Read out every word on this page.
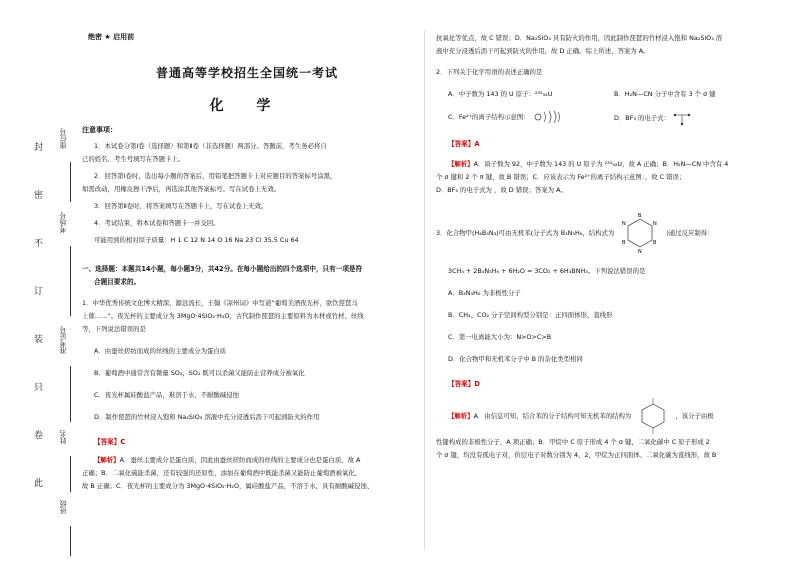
封
密
不
订
装
只
卷
此
座位号
考场号
准考证号
姓名
班级
绝密 ★ 启用前
普通高等学校招生全国统一考试
化 学
注意事项：

1．本试卷分第Ⅰ卷（选择题）和第Ⅱ卷（非选择题）两部分。答题前，考生务必将自

己的姓名、考生号填写在答题卡上。

2．回答第Ⅰ卷时，选出每小题的答案后，用铅笔把答题卡上对应题目的答案标号涂黑，

如需改动，用橡皮擦干净后，再选涂其他答案标号。写在试卷上无效。

3．回答第Ⅱ卷时，将答案填写在答题卡上，写在试卷上无效。

4．考试结束，将本试卷和答题卡一并交回。

可能用到的相对原子质量：H 1 C 12 N 14 O 16 Na 23 Cl 35.5 Cu 64

一、选择题：本题共14小题，每小题3分，共42分。在每小题给出的四个选项中，只有一项是符

合题目要求的。

1．中华优秀传统文化博大精深、源远流长，王翰《凉州词》中写道“葡萄美酒夜光杯，欲饮琵琶马

上催……”。夜光杯的主要成分为 3MgO·4SiO₂·H₂O，古代制作琵琶的主要原料为木材或竹材、丝线

等，下列说法错误的是

A．由蚕丝搓纺而成的丝线的主要成分为蛋白质

B．葡萄酒中通常含有微量 SO₂，SO₂ 既可以杀菌又能防止营养成分被氧化

C．夜光杯属硅酸盐产品，难溶于水，不耐酸碱侵蚀

D．制作琵琶的竹材浸入饱和 Na₂SiO₃ 溶液中充分浸透后沥干可起到防火的作用

【答案】C

【解析】A．蚕丝主要成分是蛋白质，因此由蚕丝搓纺而成的丝线的主要成分也是蛋白质，故 A

正确；B．二氧化硫能杀菌，还有较强的还原性，添加在葡萄酒中既能杀菌又能防止葡萄酒被氧化，

故 B 正确；C．夜光杯的主要成分为 3MgO·4SiO₂·H₂O，属硅酸盐产品，不溶于水，具有耐酸碱侵蚀、

抗氧化等优点，故 C 错误；D．Na₂SiO₃ 具有防火的作用，因此制作琵琶的竹材浸入饱和 Na₂SiO₃ 溶

液中充分浸透后沥干可起到防火的作用，故 D 正确。综上所述，答案为 A。

2．下列关于化学用语的表述正确的是

A．中子数为 143 的 U 原子：²³⁵₉₂U	B．H₂N—CN 分子中含有 3 个 σ 键
C．Fe²⁺的离子结构示意图：	D．BF₃ 的电子式：
【答案】A

【解析】A．质子数为 92，中子数为 143 的 U 原子为 ²³⁵₉₂U，故 A 正确；B．H₂N—CN 中含有 4

个 σ 键和 2 个 π 键，故 B 错误；C．应该表示为 Fe²⁺的离子结构示意图：，故 C 错误；

D．BF₃ 的电子式为 ，故 D 错误；答案为 A。

3．化合物甲(H₆B₃N₃)可由无机苯(分子式为 B₃N₃H₆，结构式为
B
N
B
N
B
N
)通过反应制得：

3CH₄ + 2B₃N₃H₆ + 6H₂O = 3CO₂ + 6H₃BNH₃。下列说法错误的是

A．B₃N₃H₆ 为非极性分子

B．CH₄、CO₂ 分子空间构型分别是：正四面体形、直线形

C．第一电离能大小为：N>O>C>B

D．化合物甲和无机苯分子中 B 的杂化类型相同

【答案】D
【解析】 A．由信息可知，结合苯的分子结构可知无机苯的结构为	，该分子由极

性键构成的非极性分子，A 项正确；B．甲烷中 C 原子形成 4 个 σ 键，二氧化碳中 C 原子形成 2

个 σ 键，均没有孤电子对，价层电子对数分别为 4、2，甲烷为正四面体、二氧化碳为直线形，故 B
